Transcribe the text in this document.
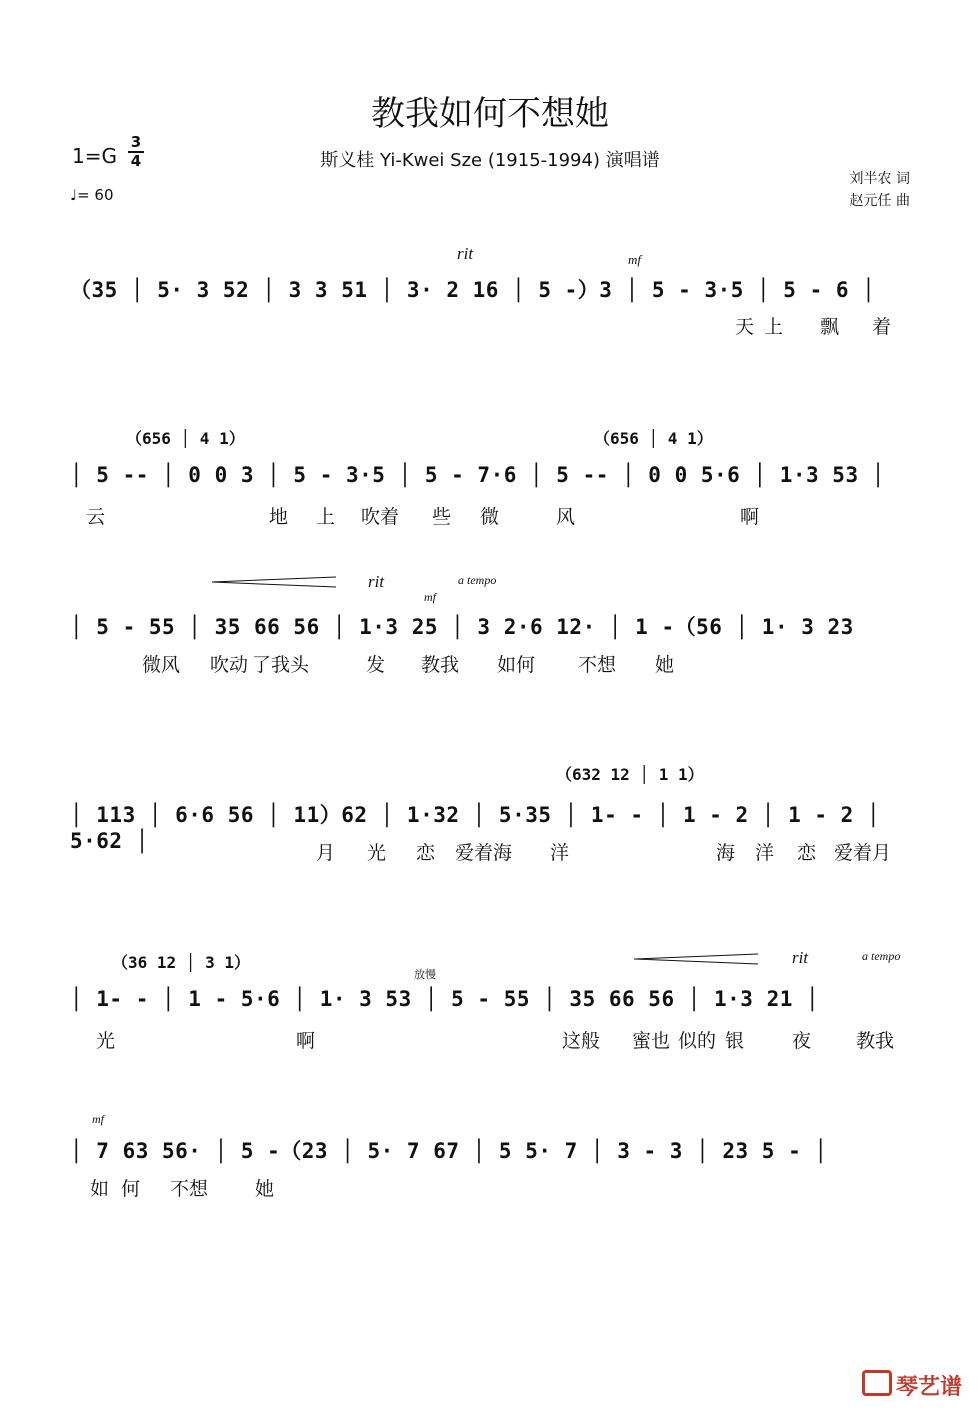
教我如何不想她
斯义桂 Yi-Kwei Sze (1915-1994) 演唱谱
$1=G \frac{3}{4}$
♩= 60
刘半农 词
赵元任 曲
rit	mf
（35 │ 5· 3 52 │ 3 3 51 │ 3· 2 16 │ 5 -）3 │ 5 - 3·5 │ 5 - 6 │
天 上 飘 着
（656 │ 4 1）	（656 │ 4 1）
│ 5 -- │ 0 0 3 │ 5 - 3·5 │ 5 - 7·6 │ 5 -- │ 0 0 5·6 │ 1·3 53 │
云	地 上 吹着 些 微	风	啊
rit
mf
a tempo
│ 5 - 55 │ 35 66 56 │ 1·3 25 │ 3 2·6 12· │ 1 -（56 │ 1· 3 23
微风 吹动 了我头	发 教我 如何 不想 她
（632 12 │ 1 1）
│ 113 │ 6·6 56 │ 11）62 │ 1·32 │ 5·35 │ 1- - │ 1 - 2 │ 1 - 2 │ 5·62 │	月 光 恋 爱着海 洋	海 洋 恋 爱着月
（36 12 │ 3 1）
放慢
rit	a tempo
│ 1- - │ 1 - 5·6 │ 1· 3 53 │ 5 - 55 │ 35 66 56 │ 1·3 21 │
光	啊	这般 蜜也 似的 银	夜 教我
mf
│ 7 63 56· │ 5 -（23 │ 5· 7 67 │ 5 5· 7 │ 3 - 3 │ 23 5 - │
如 何 不想 她
琴艺谱
